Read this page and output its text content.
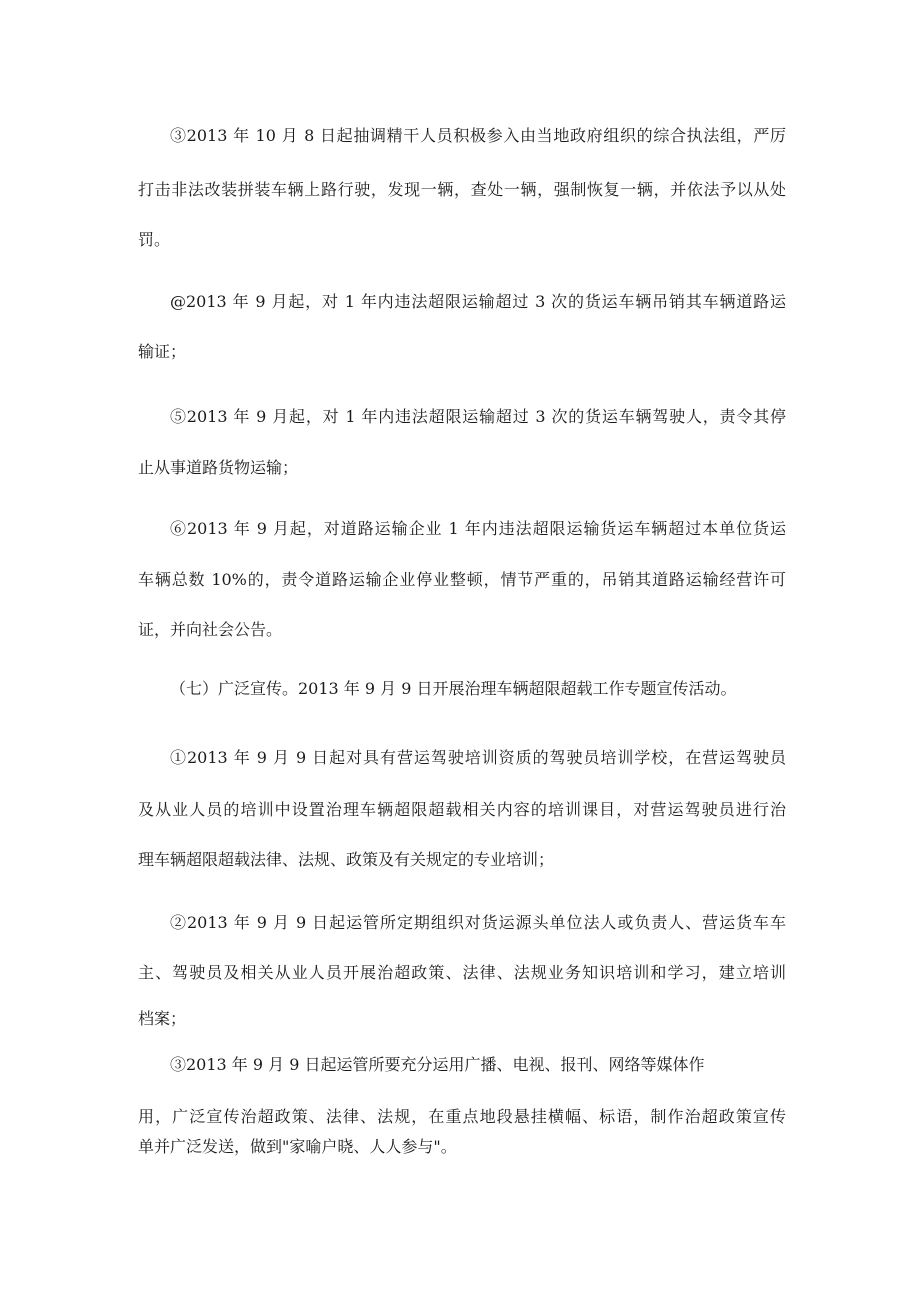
③2013 年 10 月 8 日起抽调精干人员积极参入由当地政府组织的综合执法组，严厉
打击非法改装拼装车辆上路行驶，发现一辆，查处一辆，强制恢复一辆，并依法予以从处
罚。
@2013 年 9 月起，对 1 年内违法超限运输超过 3 次的货运车辆吊销其车辆道路运
输证；
⑤2013 年 9 月起，对 1 年内违法超限运输超过 3 次的货运车辆驾驶人，责令其停
止从事道路货物运输；
⑥2013 年 9 月起，对道路运输企业 1 年内违法超限运输货运车辆超过本单位货运
车辆总数 10%的，责令道路运输企业停业整顿，情节严重的，吊销其道路运输经营许可
证，并向社会公告。
（七）广泛宣传。2013 年 9 月 9 日开展治理车辆超限超载工作专题宣传活动。
①2013 年 9 月 9 日起对具有营运驾驶培训资质的驾驶员培训学校，在营运驾驶员
及从业人员的培训中设置治理车辆超限超载相关内容的培训课目，对营运驾驶员进行治
理车辆超限超载法律、法规、政策及有关规定的专业培训；
②2013 年 9 月 9 日起运管所定期组织对货运源头单位法人或负责人、营运货车车
主、驾驶员及相关从业人员开展治超政策、法律、法规业务知识培训和学习，建立培训
档案；
③2013 年 9 月 9 日起运管所要充分运用广播、电视、报刊、网络等媒体作
用，广泛宣传治超政策、法律、法规，在重点地段悬挂横幅、标语，制作治超政策宣传
单并广泛发送，做到"家喻户晓、人人参与"。
